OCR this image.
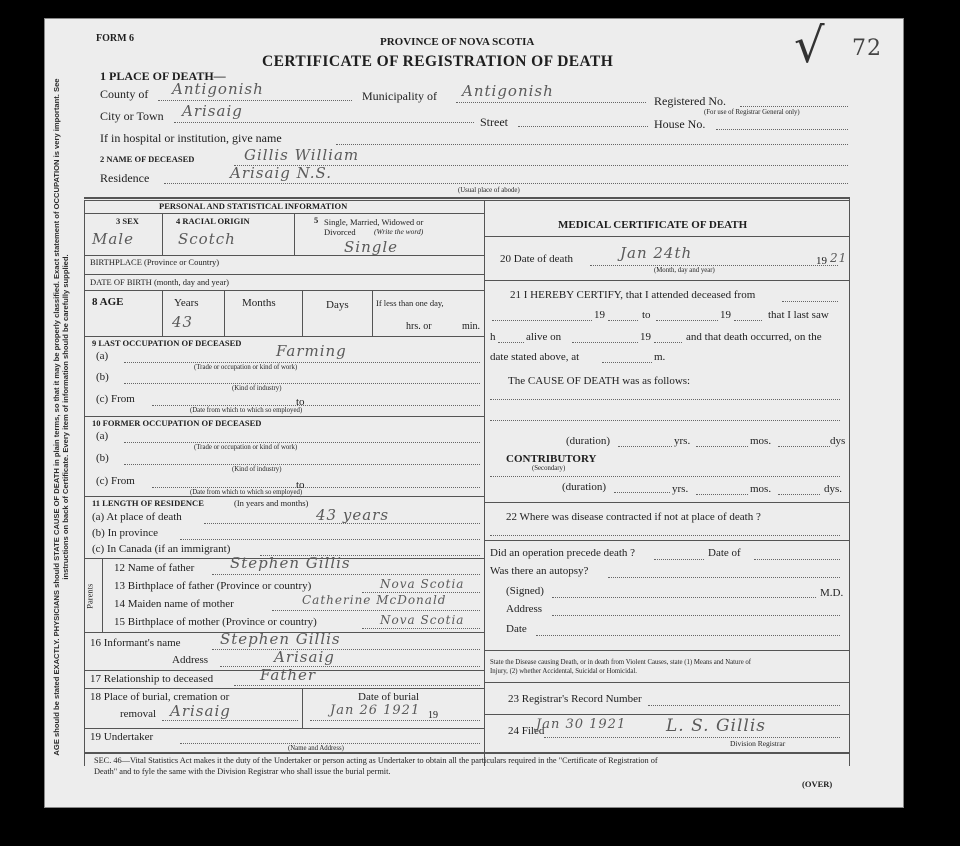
FORM 6	PROVINCE OF NOVA SCOTIA
CERTIFICATE OF REGISTRATION OF DEATH	√ 72
1 PLACE OF DEATH—
County of Antigonish	Municipality of Antigonish
Registered No.
(For use of Registrar General only)
City or Town Arisaig
Street	House No.
If in hospital or institution, give name
2 NAME OF DECEASED	Gillis William
Residence	Arisaig N.S.
(Usual place of abode)
PERSONAL AND STATISTICAL INFORMATION
3 SEX
Male
4 RACIAL ORIGIN
Scotch
5 Single, Married, Widowed or
Divorced (Write the word)
Single
BIRTHPLACE (Province or Country)
DATE OF BIRTH (month, day and year)
8 AGE	Years
43
Months	Days	If less than one day,
hrs. or	min.
9 LAST OCCUPATION OF DECEASED
(a)	Farming
(Trade or occupation or kind of work)
(b)
(Kind of industry)
(c) From	to
(Date from which to which so employed)
10 FORMER OCCUPATION OF DECEASED
(a)
(Trade or occupation or kind of work)
(b)
(Kind of industry)
(c) From	to
(Date from which to which so employed)
11 LENGTH OF RESIDENCE	(In years and months)
(a) At place of death	43 years
(b) In province
(c) In Canada (if an immigrant)
Parents
12 Name of father Stephen Gillis
13 Birthplace of father (Province or country)	Nova Scotia
14 Maiden name of mother	Catherine McDonald
15 Birthplace of mother (Province or country)	Nova Scotia
16 Informant's name	Stephen Gillis
Address	Arisaig
17 Relationship to deceased	Father
18 Place of burial, cremation or
removal Arisaig
Date of burial
Jan 26 1921 19
19 Undertaker
(Name and Address)
MEDICAL CERTIFICATE OF DEATH
20 Date of death	Jan 24th	19 21
(Month, day and year)
21 I HEREBY CERTIFY, that I attended deceased from
19	to	19	that I last saw
h	alive on	19	and that death occurred, on the
date stated above, at	m.
The CAUSE OF DEATH was as follows:
(duration)	yrs.	mos.	dys
CONTRIBUTORY
(Secondary)
(duration)	yrs.	mos.	dys.
22 Where was disease contracted if not at place of death ?
Did an operation precede death ?	Date of
Was there an autopsy?
(Signed)	M.D.
Address
Date
State the Disease causing Death, or in death from Violent Causes, state (1) Means and Nature of
Injury, (2) whether Accidental, Suicidal or Homicidal.
23 Registrar's Record Number
24 Filed
Jan 30 1921 L. S. Gillis
Division Registrar
SEC. 46—Vital Statistics Act makes it the duty of the Undertaker or person acting as Undertaker to obtain all the particulars required in the "Certificate of Registration of
Death" and to fyle the same with the Division Registrar who shall issue the burial permit.
(OVER)
AGE should be stated EXACTLY. PHYSICIANS should STATE CAUSE OF DEATH in plain terms, so that it may be properly classified. Exact statement of OCCUPATION is very important. See instructions on back of Certificate. Every item of information should be carefully supplied.
